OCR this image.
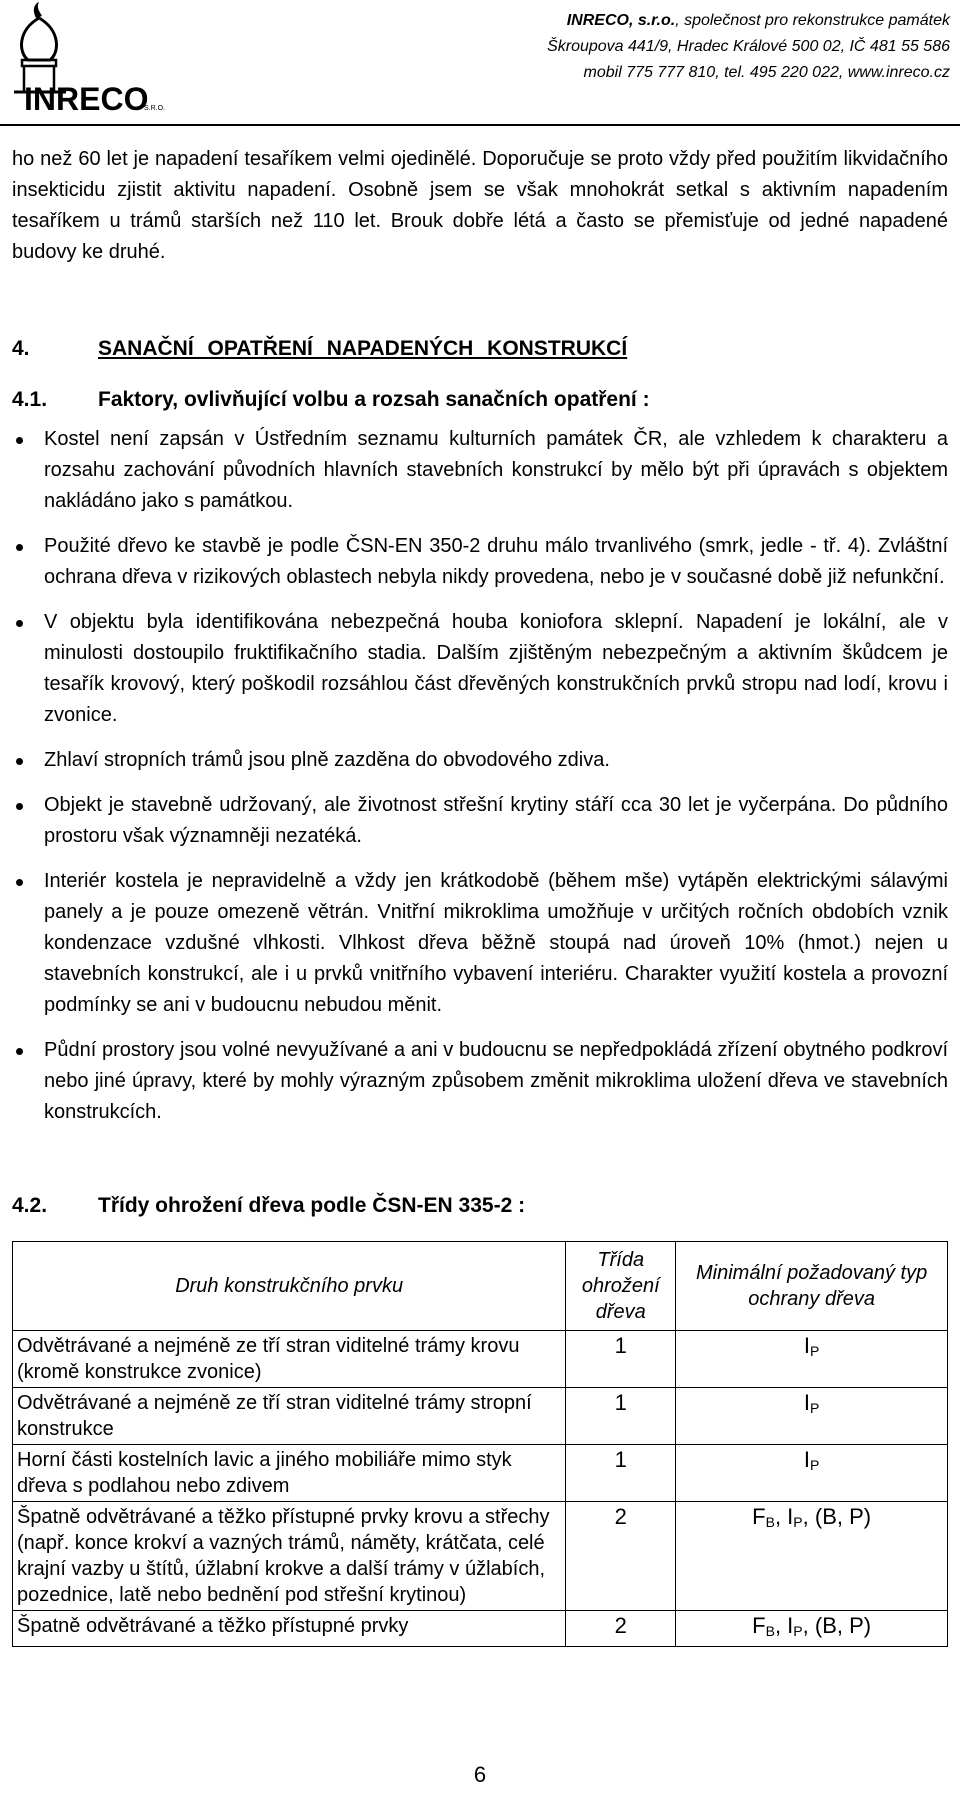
INRECO
S.R.O.
INRECO, s.r.o., společnost pro rekonstrukce památek
Škroupova 441/9, Hradec Králové 500 02, IČ 481 55 586
mobil 775 777 810, tel. 495 220 022, www.inreco.cz
ho než 60 let je napadení tesaříkem velmi ojedinělé. Doporučuje se proto vždy před použitím likvidačního insekticidu zjistit aktivitu napadení. Osobně jsem se však mnohokrát setkal s aktivním napadením tesaříkem u trámů starších než 110 let. Brouk dobře létá a často se přemisťuje od jedné napadené budovy ke druhé.
4.	SANAČNÍ OPATŘENÍ NAPADENÝCH KONSTRUKCÍ
4.1. Faktory, ovlivňující volbu a rozsah sanačních opatření :
Kostel není zapsán v Ústředním seznamu kulturních památek ČR, ale vzhledem k charakteru a rozsahu zachování původních hlavních stavebních konstrukcí by mělo být při úpravách s objektem nakládáno jako s památkou.
Použité dřevo ke stavbě je podle ČSN-EN 350-2 druhu málo trvanlivého (smrk, jedle - tř. 4). Zvláštní ochrana dřeva v rizikových oblastech nebyla nikdy provedena, nebo je v současné době již nefunkční.
V objektu byla identifikována nebezpečná houba koniofora sklepní. Napadení je lokální, ale v minulosti dostoupilo fruktifikačního stadia. Dalším zjištěným nebezpečným a aktivním škůdcem je tesařík krovový, který poškodil rozsáhlou část dřevěných konstrukčních prvků stropu nad lodí, krovu i zvonice.
Zhlaví stropních trámů jsou plně zazděna do obvodového zdiva.
Objekt je stavebně udržovaný, ale životnost střešní krytiny stáří cca 30 let je vyčerpána. Do půdního prostoru však významněji nezatéká.
Interiér kostela je nepravidelně a vždy jen krátkodobě (během mše) vytápěn elektrickými sálavými panely a je pouze omezeně větrán. Vnitřní mikroklima umožňuje v určitých ročních obdobích vznik kondenzace vzdušné vlhkosti. Vlhkost dřeva běžně stoupá nad úroveň 10% (hmot.) nejen u stavebních konstrukcí, ale i u prvků vnitřního vybavení interiéru. Charakter využití kostela a provozní podmínky se ani v budoucnu nebudou měnit.
Půdní prostory jsou volné nevyužívané a ani v budoucnu se nepředpokládá zřízení obytného podkroví nebo jiné úpravy, které by mohly výrazným způsobem změnit mikroklima uložení dřeva ve stavebních konstrukcích.
4.2. Třídy ohrožení dřeva podle ČSN-EN 335-2 :
Druh konstrukčního prvku	Třída ohrožení dřeva	Minimální požadovaný typ ochrany dřeva
Odvětrávané a nejméně ze tří stran viditelné trámy krovu (kromě konstrukce zvonice)	1	$I_P$
Odvětrávané a nejméně ze tří stran viditelné trámy stropní konstrukce	1	$I_P$
Horní části kostelních lavic a jiného mobiliáře mimo styk dřeva s podlahou nebo zdivem	1	$I_P$
Špatně odvětrávané a těžko přístupné prvky krovu a střechy (např. konce krokví a vazných trámů, náměty, krátčata, celé krajní vazby u štítů, úžlabní krokve a další trámy v úžlabích, pozednice, latě nebo bednění pod střešní krytinou)	2	$F_B$, $I_P$, (B, P)
Špatně odvětrávané a těžko přístupné prvky	2	$F_B$, $I_P$, (B, P)
6
